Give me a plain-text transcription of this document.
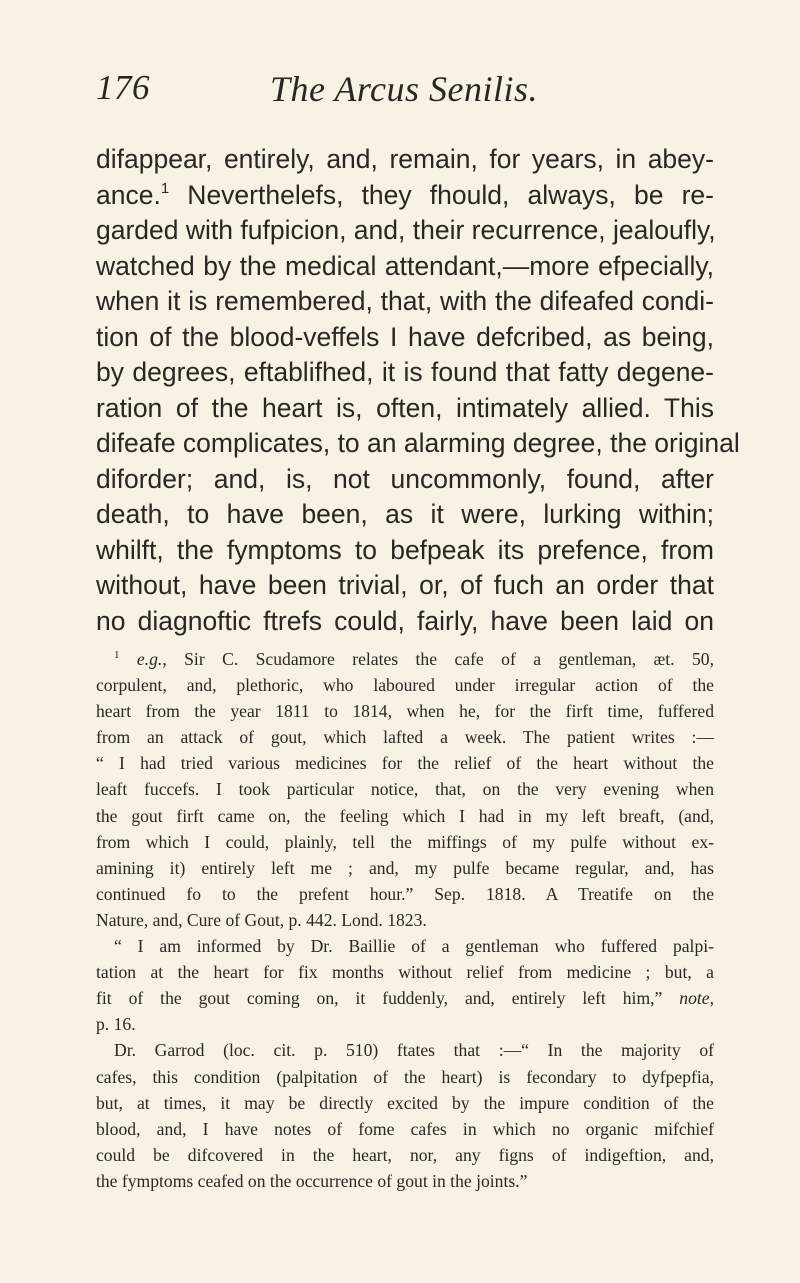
176	The Arcus Senilis.
difappear, entirely, and, remain, for years, in abey-
ance.$^1$ Neverthelefs, they fhould, always, be re-
garded with fufpicion, and, their recurrence, jealoufly,
watched by the medical attendant,—more efpecially,
when it is remembered, that, with the difeafed condi-
tion of the blood-veffels I have defcribed, as being,
by degrees, eftablifhed, it is found that fatty degene-
ration of the heart is, often, intimately allied. This
difeafe complicates, to an alarming degree, the original
diforder; and, is, not uncommonly, found, after
death, to have been, as it were, lurking within;
whilft, the fymptoms to befpeak its prefence, from
without, have been trivial, or, of fuch an order that
no diagnoftic ftrefs could, fairly, have been laid on
$^1$ e.g., Sir C. Scudamore relates the cafe of a gentleman, æt. 50,
corpulent, and, plethoric, who laboured under irregular action of the
heart from the year 1811 to 1814, when he, for the firft time, fuffered
from an attack of gout, which lafted a week. The patient writes :—
“ I had tried various medicines for the relief of the heart without the
leaft fuccefs. I took particular notice, that, on the very evening when
the gout firft came on, the feeling which I had in my left breaft, (and,
from which I could, plainly, tell the miffings of my pulfe without ex-
amining it) entirely left me ; and, my pulfe became regular, and, has
continued fo to the prefent hour.” Sep. 1818. A Treatife on the
Nature, and, Cure of Gout, p. 442. Lond. 1823.
“ I am informed by Dr. Baillie of a gentleman who fuffered palpi-
tation at the heart for fix months without relief from medicine ; but, a
fit of the gout coming on, it fuddenly, and, entirely left him,” note,
p. 16.
Dr. Garrod (loc. cit. p. 510) ftates that :—“ In the majority of
cafes, this condition (palpitation of the heart) is fecondary to dyfpepfia,
but, at times, it may be directly excited by the impure condition of the
blood, and, I have notes of fome cafes in which no organic mifchief
could be difcovered in the heart, nor, any figns of indigeftion, and,
the fymptoms ceafed on the occurrence of gout in the joints.”
